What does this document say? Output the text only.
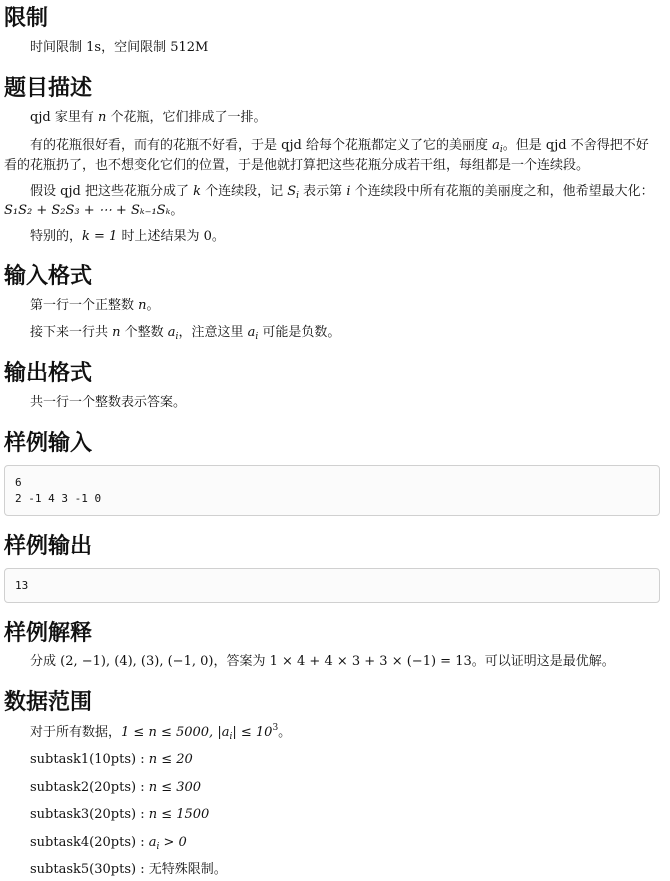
限制

时间限制 1s，空间限制 512M

题目描述

qjd 家里有 n 个花瓶，它们排成了一排。

有的花瓶很好看，而有的花瓶不好看，于是 qjd 给每个花瓶都定义了它的美丽度 $a_i$。但是 qjd 不舍得把不好看的花瓶扔了，也不想变化它们的位置，于是他就打算把这些花瓶分成若干组，每组都是一个连续段。

假设 qjd 把这些花瓶分成了 k 个连续段，记 $S_i$ 表示第 i 个连续段中所有花瓶的美丽度之和，他希望最大化：

S₁S₂ + S₂S₃ + ⋯ + Sₖ₋₁Sₖ。

特别的，k = 1 时上述结果为 0。

输入格式

第一行一个正整数 n。

接下来一行共 n 个整数 $a_i$，注意这里 $a_i$ 可能是负数。

输出格式

共一行一个整数表示答案。

样例输入
6
2 -1 4 3 -1 0
样例输出
13
样例解释

分成 (2, −1), (4), (3), (−1, 0)，答案为 1 × 4 + 4 × 3 + 3 × (−1) = 13。可以证明这是最优解。

数据范围

对于所有数据，1 ≤ n ≤ 5000, $|a_i| \le 10^3$。

subtask1(10pts) : n ≤ 20

subtask2(20pts) : n ≤ 300

subtask3(20pts) : n ≤ 1500

subtask4(20pts) : $a_i > 0$

subtask5(30pts) : 无特殊限制。
